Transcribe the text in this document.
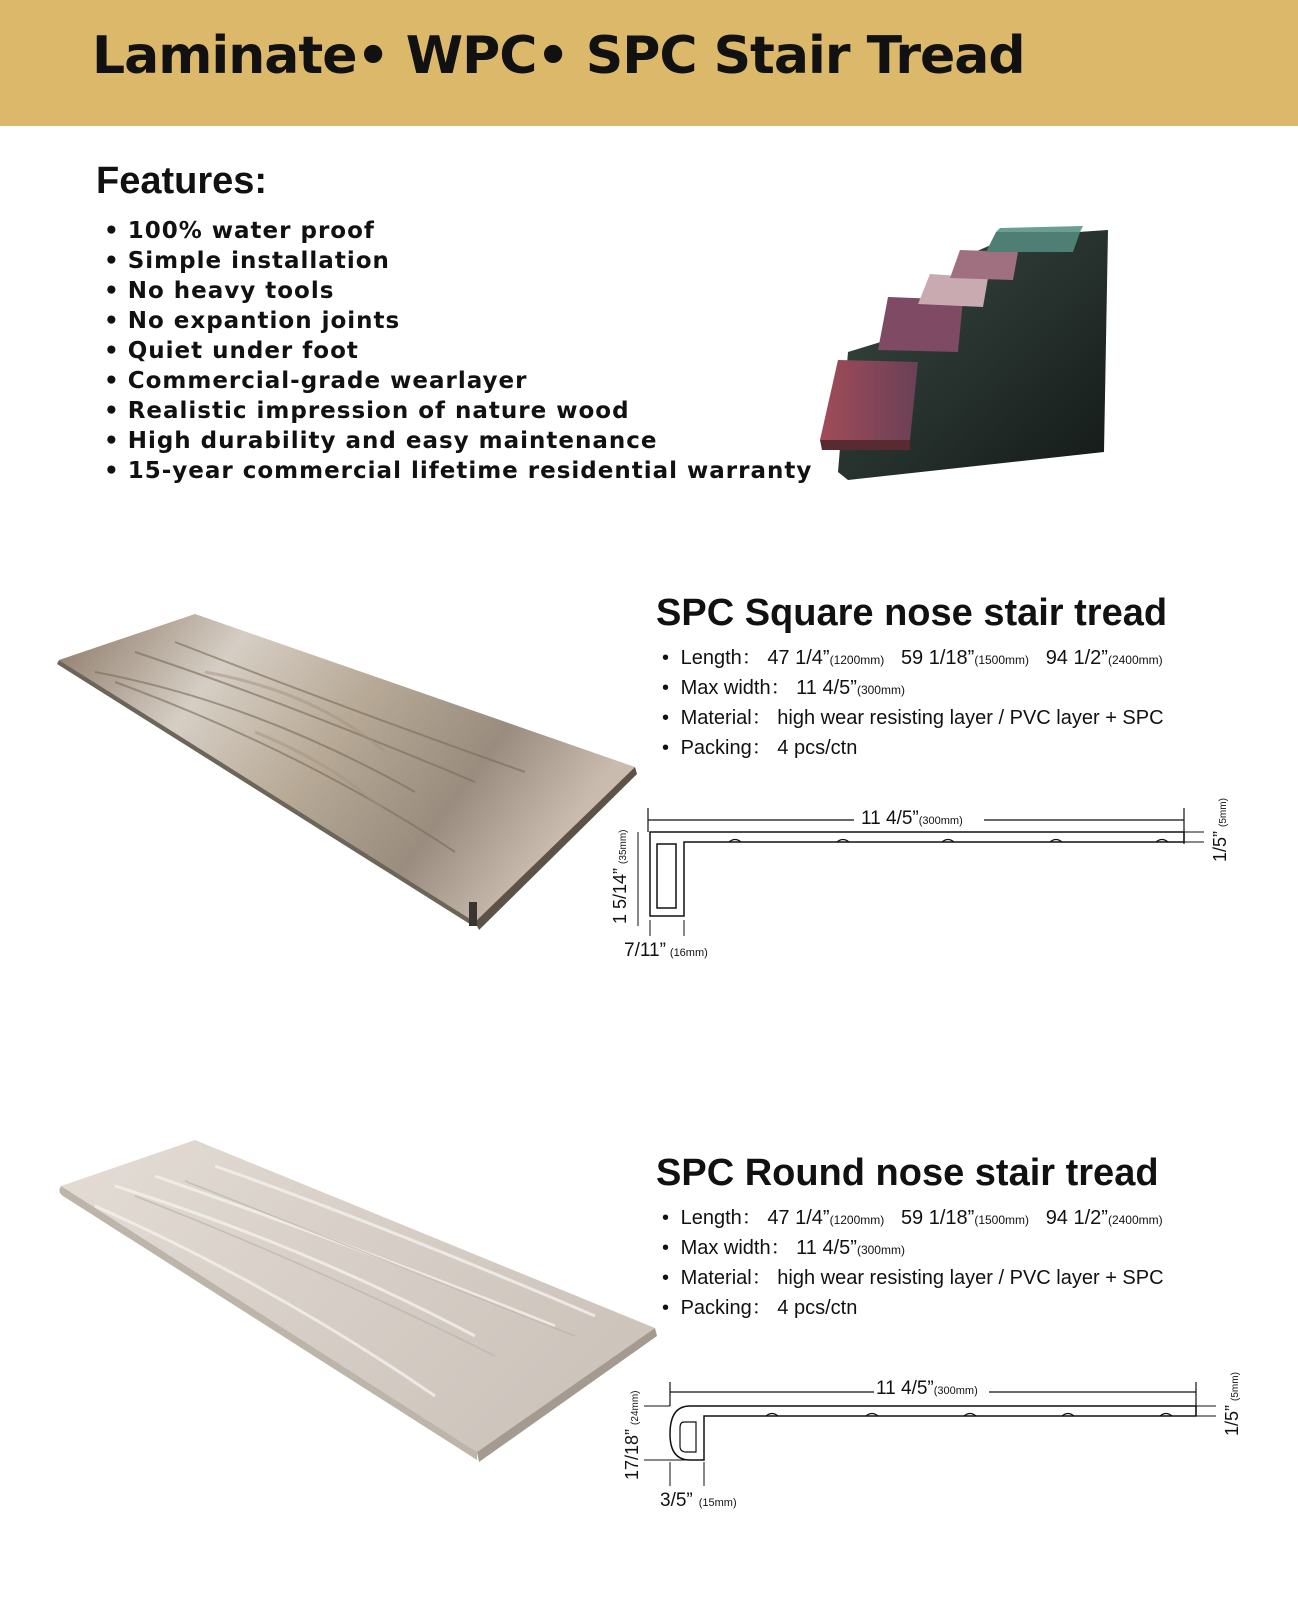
Laminate• WPC• SPC Stair Tread
Features:
• 100% water proof
• Simple installation
• No heavy tools
• No expantion joints
• Quiet under foot
• Commercial-grade wearlayer
• Realistic impression of nature wood
• High durability and easy maintenance
• 15-year commercial lifetime residential warranty
SPC Square nose stair tread
• Length： 47 1/4”(1200mm) 59 1/18”(1500mm) 94 1/2”(2400mm)
• Max width： 11 4/5”(300mm)
• Material： high wear resisting layer / PVC layer + SPC
• Packing： 4 pcs/ctn
11 4/5”(300mm)
1/5”(5mm)
1 5/14”(35mm)
7/11” (16mm)
SPC Round nose stair tread
• Length： 47 1/4”(1200mm) 59 1/18”(1500mm) 94 1/2”(2400mm)
• Max width： 11 4/5”(300mm)
• Material： high wear resisting layer / PVC layer + SPC
• Packing： 4 pcs/ctn
11 4/5”(300mm)
1/5”(5mm)
17/18”(24mm)
3/5” (15mm)
